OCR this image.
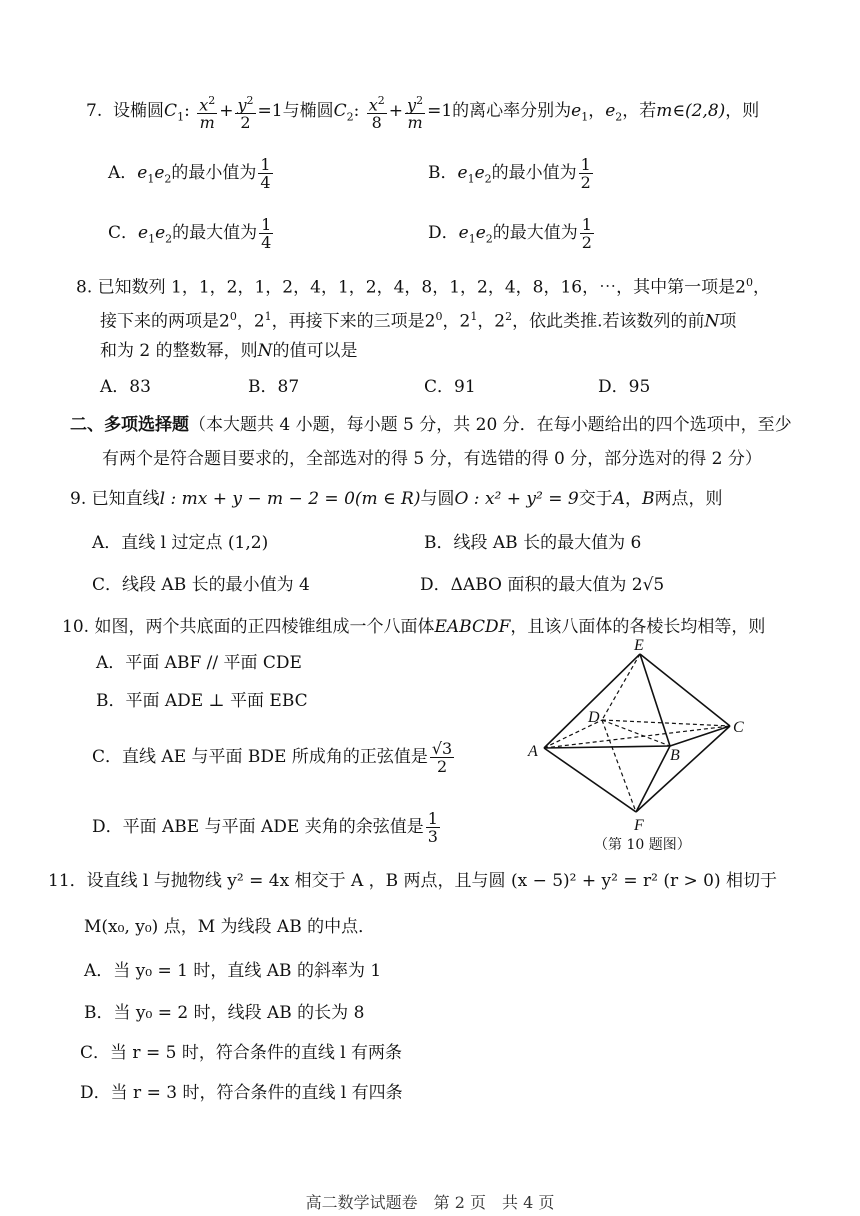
7. 设椭圆$C_1$: $\frac{x^2}{m} + \frac{y^2}{2} =1$与椭圆$C_2$: $\frac{x^2}{8} + \frac{y^2}{m} =1$的离心率分别为$e_1$，$e_2$，若m∈(2,8)，则
A．$e_1e_2$的最小值为 $\frac{1}{4}$	B．$e_1e_2$的最小值为 $\frac{1}{2}$
C．$e_1e_2$的最大值为 $\frac{1}{4}$	D．$e_1e_2$的最大值为 $\frac{1}{2}$
8. 已知数列 1，1，2，1，2，4，1，2，4，8，1，2，4，8，16，⋯，其中第一项是$2^0$，
接下来的两项是$2^0$，$2^1$，再接下来的三项是$2^0$，$2^1$，$2^2$，依此类推.若该数列的前N项
和为 2 的整数幂，则N的值可以是
A．83	B．87	C．91	D．95
二、多项选择题（本大题共 4 小题，每小题 5 分，共 20 分．在每小题给出的四个选项中，至少
有两个是符合题目要求的，全部选对的得 5 分，有选错的得 0 分，部分选对的得 2 分）
9. 已知直线l : mx + y − m − 2 = 0(m ∈ R)与圆O : x² + y² = 9交于A，B两点，则
A．直线 l 过定点 (1,2)	B．线段 AB 长的最大值为 6
C．线段 AB 长的最小值为 4	D．ΔABO 面积的最大值为 2√5
10. 如图，两个共底面的正四棱锥组成一个八面体EABCDF，且该八面体的各棱长均相等，则
A．平面 ABF // 平面 CDE
B．平面 ADE ⊥ 平面 EBC
C．直线 AE 与平面 BDE 所成角的正弦值是 $\frac{√3}{2}$
D．平面 ABE 与平面 ADE 夹角的余弦值是 $\frac{1}{3}$
E
D
C
A	B
F
（第 10 题图）
11．设直线 l 与抛物线 y² = 4x 相交于 A ，B 两点，且与圆 (x − 5)² + y² = r² (r > 0) 相切于
M(x₀, y₀) 点，M 为线段 AB 的中点．
A．当 y₀ = 1 时，直线 AB 的斜率为 1
B．当 y₀ = 2 时，线段 AB 的长为 8
C．当 r = 5 时，符合条件的直线 l 有两条
D．当 r = 3 时，符合条件的直线 l 有四条
高二数学试题卷　第 2 页　共 4 页
